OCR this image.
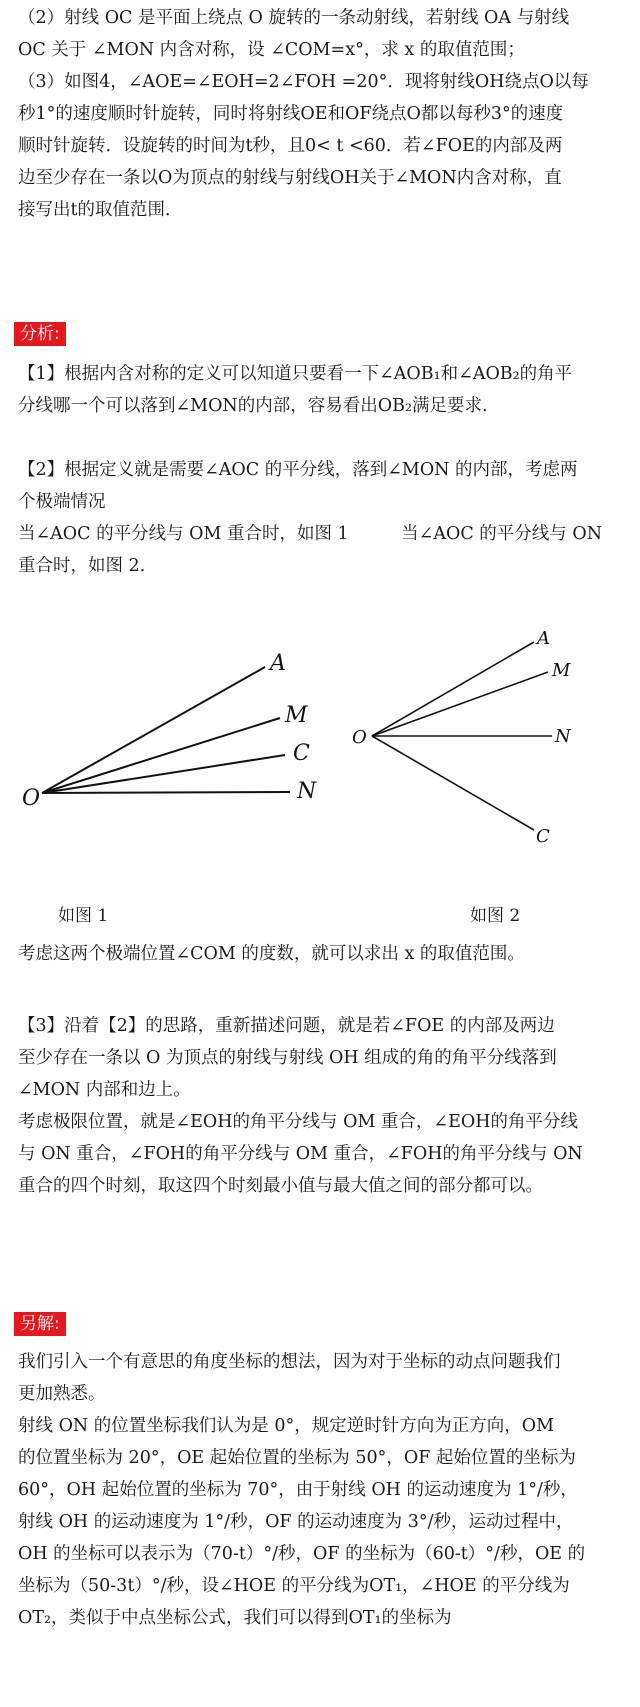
（2）射线 OC 是平面上绕点 O 旋转的一条动射线，若射线 OA 与射线
OC 关于 ∠MON 内含对称，设 ∠COM=x°，求 x 的取值范围；
（3）如图4，∠AOE=∠EOH=2∠FOH =20°．现将射线OH绕点O以每
秒1°的速度顺时针旋转，同时将射线OE和OF绕点O都以每秒3°的速度
顺时针旋转．设旋转的时间为t秒，且0< t <60．若∠FOE的内部及两
边至少存在一条以O为顶点的射线与射线OH关于∠MON内含对称，直
接写出t的取值范围．
分析:
【1】根据内含对称的定义可以知道只要看一下∠AOB₁和∠AOB₂的角平
分线哪一个可以落到∠MON的内部，容易看出OB₂满足要求.
【2】根据定义就是需要∠AOC 的平分线，落到∠MON 的内部，考虑两
个极端情况
当∠AOC 的平分线与 OM 重合时，如图 1　　　当∠AOC 的平分线与 ON
重合时，如图 2.
O
A
M
C
N
O
A
M
N
C
如图 1	如图 2
考虑这两个极端位置∠COM 的度数，就可以求出 x 的取值范围。
【3】沿着【2】的思路，重新描述问题，就是若∠FOE 的内部及两边
至少存在一条以 O 为顶点的射线与射线 OH 组成的角的角平分线落到
∠MON 内部和边上。
考虑极限位置，就是∠EOH的角平分线与 OM 重合，∠EOH的角平分线
与 ON 重合，∠FOH的角平分线与 OM 重合，∠FOH的角平分线与 ON
重合的四个时刻，取这四个时刻最小值与最大值之间的部分都可以。
另解:
我们引入一个有意思的角度坐标的想法，因为对于坐标的动点问题我们
更加熟悉。
射线 ON 的位置坐标我们认为是 0°，规定逆时针方向为正方向，OM
的位置坐标为 20°，OE 起始位置的坐标为 50°，OF 起始位置的坐标为
60°，OH 起始位置的坐标为 70°，由于射线 OH 的运动速度为 1°/秒，
射线 OH 的运动速度为 1°/秒，OF 的运动速度为 3°/秒，运动过程中，
OH 的坐标可以表示为（70-t）°/秒，OF 的坐标为（60-t）°/秒，OE 的
坐标为（50-3t）°/秒，设∠HOE 的平分线为OT₁，∠HOE 的平分线为
OT₂，类似于中点坐标公式，我们可以得到OT₁的坐标为
